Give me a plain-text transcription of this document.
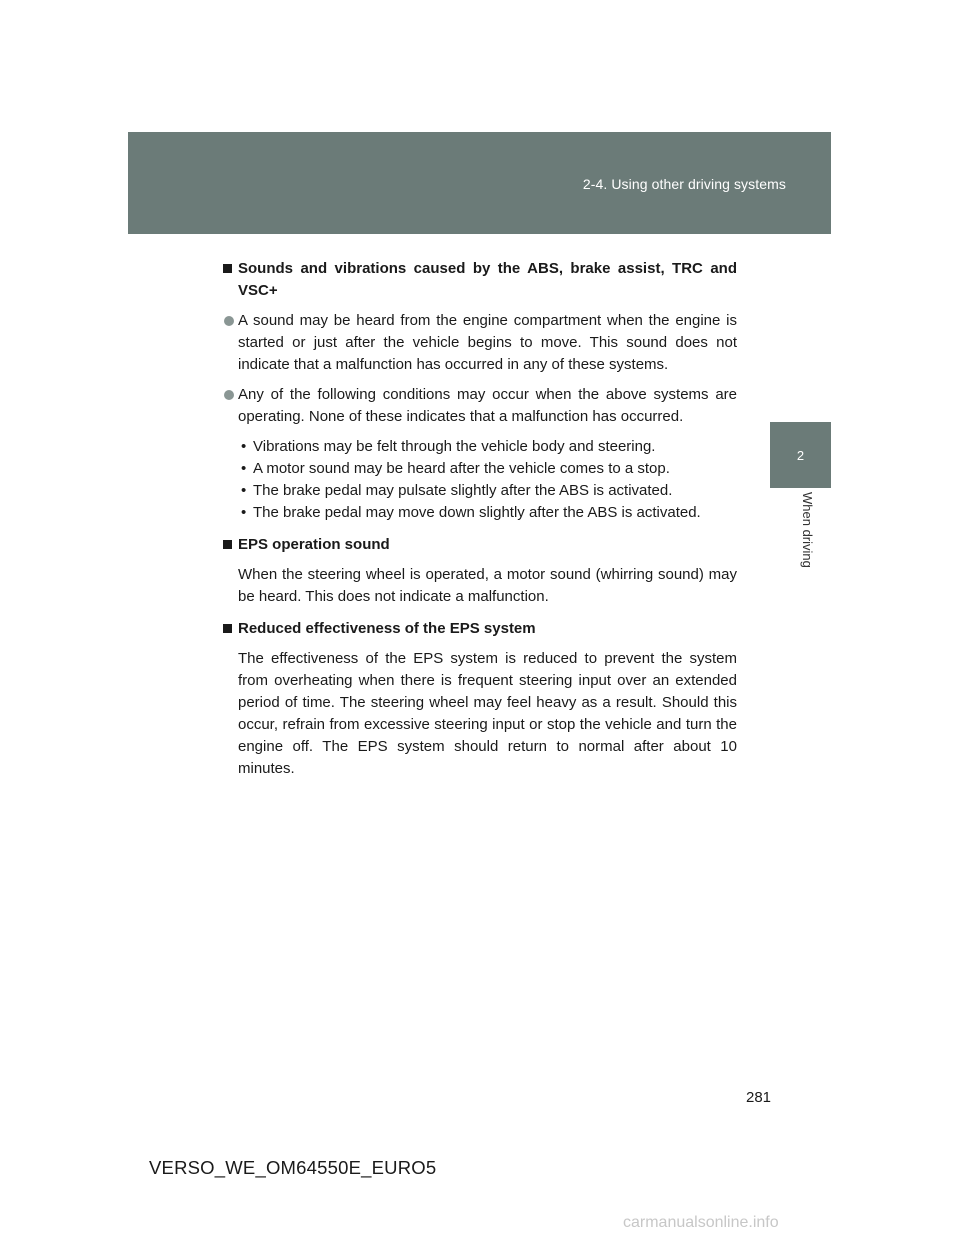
2-4. Using other driving systems
2
When driving
Sounds and vibrations caused by the ABS, brake assist, TRC and VSC+
A sound may be heard from the engine compartment when the engine is started or just after the vehicle begins to move. This sound does not indicate that a malfunction has occurred in any of these systems.
Any of the following conditions may occur when the above systems are operating. None of these indicates that a malfunction has occurred.
• Vibrations may be felt through the vehicle body and steering.
• A motor sound may be heard after the vehicle comes to a stop.
• The brake pedal may pulsate slightly after the ABS is activated.
• The brake pedal may move down slightly after the ABS is activated.
EPS operation sound
When the steering wheel is operated, a motor sound (whirring sound) may be heard. This does not indicate a malfunction.
Reduced effectiveness of the EPS system
The effectiveness of the EPS system is reduced to prevent the system from overheating when there is frequent steering input over an extended period of time. The steering wheel may feel heavy as a result. Should this occur, refrain from excessive steering input or stop the vehicle and turn the engine off. The EPS system should return to normal after about 10 minutes.
281
VERSO_WE_OM64550E_EURO5
carmanualsonline.info
